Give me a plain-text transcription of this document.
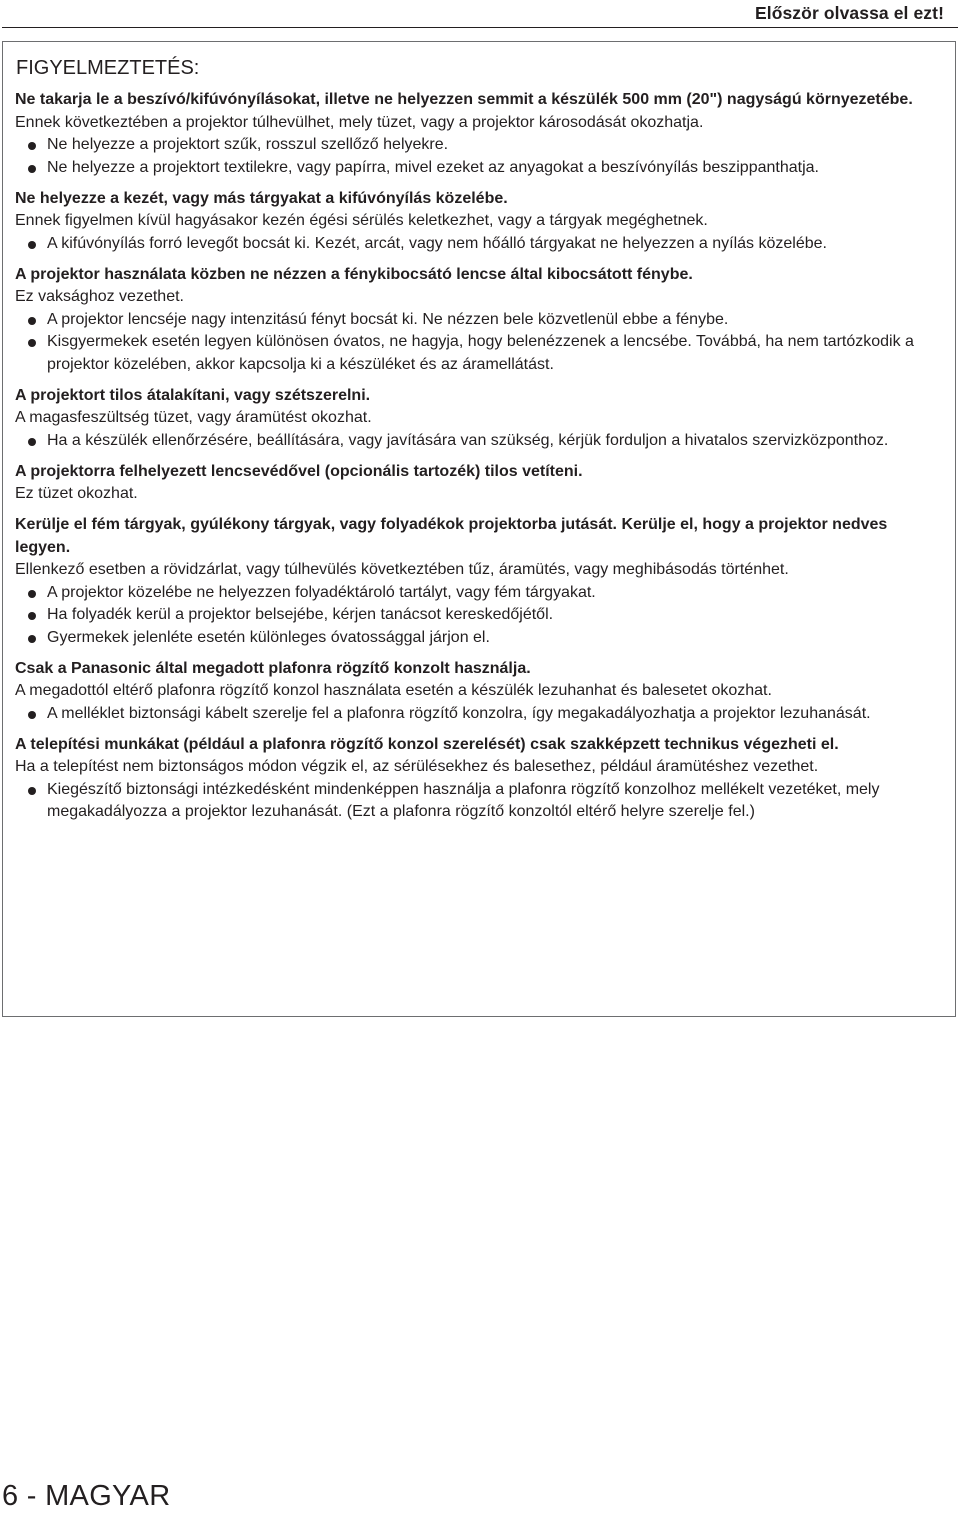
Először olvassa el ezt!
FIGYELMEZTETÉS:
Ne takarja le a beszívó/kifúvónyílásokat, illetve ne helyezzen semmit a készülék 500 mm (20") nagyságú környezetébe.
Ennek következtében a projektor túlhevülhet, mely tüzet, vagy a projektor károsodását okozhatja.
Ne helyezze a projektort szűk, rosszul szellőző helyekre.
Ne helyezze a projektort textilekre, vagy papírra, mivel ezeket az anyagokat a beszívónyílás beszippanthatja.
Ne helyezze a kezét, vagy más tárgyakat a kifúvónyílás közelébe.
Ennek figyelmen kívül hagyásakor kezén égési sérülés keletkezhet, vagy a tárgyak megéghetnek.
A kifúvónyílás forró levegőt bocsát ki. Kezét, arcát, vagy nem hőálló tárgyakat ne helyezzen a nyílás közelébe.
A projektor használata közben ne nézzen a fénykibocsátó lencse által kibocsátott fénybe.
Ez vaksághoz vezethet.
A projektor lencséje nagy intenzitású fényt bocsát ki. Ne nézzen bele közvetlenül ebbe a fénybe.
Kisgyermekek esetén legyen különösen óvatos, ne hagyja, hogy belenézzenek a lencsébe. Továbbá, ha nem tartózkodik a projektor közelében, akkor kapcsolja ki a készüléket és az áramellátást.
A projektort tilos átalakítani, vagy szétszerelni.
A magasfeszültség tüzet, vagy áramütést okozhat.
Ha a készülék ellenőrzésére, beállítására, vagy javítására van szükség, kérjük forduljon a hivatalos szervizközponthoz.
A projektorra felhelyezett lencsevédővel (opcionális tartozék) tilos vetíteni.
Ez tüzet okozhat.
Kerülje el fém tárgyak, gyúlékony tárgyak, vagy folyadékok projektorba jutását. Kerülje el, hogy a projektor nedves legyen.
Ellenkező esetben a rövidzárlat, vagy túlhevülés következtében tűz, áramütés, vagy meghibásodás történhet.
A projektor közelébe ne helyezzen folyadéktároló tartályt, vagy fém tárgyakat.
Ha folyadék kerül a projektor belsejébe, kérjen tanácsot kereskedőjétől.
Gyermekek jelenléte esetén különleges óvatossággal járjon el.
Csak a Panasonic által megadott plafonra rögzítő konzolt használja.
A megadottól eltérő plafonra rögzítő konzol használata esetén a készülék lezuhanhat és balesetet okozhat.
A melléklet biztonsági kábelt szerelje fel a plafonra rögzítő konzolra, így megakadályozhatja a projektor lezuhanását.
A telepítési munkákat (például a plafonra rögzítő konzol szerelését) csak szakképzett technikus végezheti el.
Ha a telepítést nem biztonságos módon végzik el, az sérülésekhez és balesethez, például áramütéshez vezethet.
Kiegészítő biztonsági intézkedésként mindenképpen használja a plafonra rögzítő konzolhoz mellékelt vezetéket, mely megakadályozza a projektor lezuhanását. (Ezt a plafonra rögzítő konzoltól eltérő helyre szerelje fel.)
6 - MAGYAR
